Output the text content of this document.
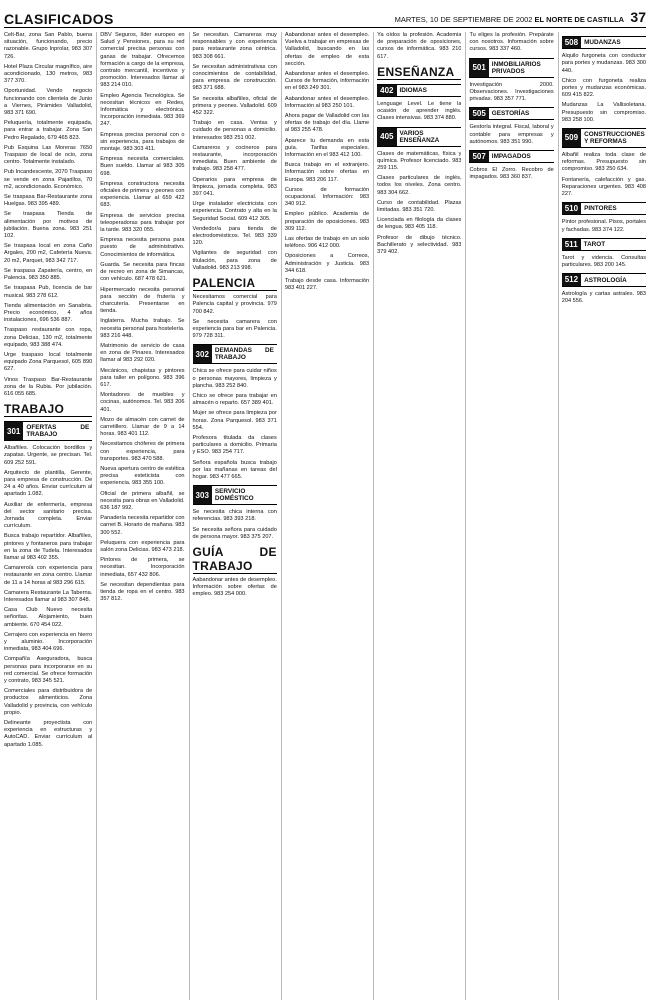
CLASIFICADOS	MARTES, 10 DE SEPTIEMBRE DE 2002 EL NORTE DE CASTILLA 37

Celt-Bar, zona San Pablo, buena situación, funcionando, precio razonable. Grupo Inprolar, 983 307 726.

Hotel Plaza Circular magnífico, aire acondicionado, 130 metros, 983 377 370.

Oportunidad. Vendo negocio funcionando con clientela de Junio a Viernes, Pirámides Valladolid, 983 371 690.

Peluquería, totalmente equipada, para entrar a trabajar. Zona San Pedro Regalado, 679 465 823.

Pub Esquina Las Moreras 7650 Traspaso de local de ocio, zona centro. Totalmente instalado.

Pub Incandescente, 2070 Traspaso se vende en zona Pajarillos, 70 m2, acondicionado. Económico.

Se traspasa Bar-Restaurante zona Huelgas. 983 395 489.

Se traspasa Tienda de alimentación por motivos de jubilación. Buena zona. 983 251 102.

Se traspasa local en zona Caño Argales, 200 m2, Cafetería Nueva. 20 m2, Parquet, 983 342 717.

Se traspasa Zapatería, centro, en Palencia. 983 350 885.

Se traspasa Pub, licencia de bar musical. 983 278 612.

Tienda alimentación en Sanabria. Precio económico, 4 años instalaciones, 696 536 887.

Traspaso restaurante con ropa, zona Delicias, 130 m2, totalmente equipado, 983 388 474.

Urge traspaso local totalmente equipado Zona Parquesol, 605 890 627.

Vinos Traspaso Bar-Restaurante zona de la Rubia. Por jubilación. 616 055 685.

TRABAJO
301 OFERTAS DE TRABAJO

Albañiles. Colocación bordillos y zapatas. Urgente, se precisan. Tel. 609 252 591.

Arquitecto de plantilla, Gerente, para empresa de construcción. De 24 a 40 años. Enviar currículum al apartado 1.082.

Auxiliar de enfermería, empresa del sector sanitario precisa. Jornada completa. Enviar currículum.

Busca trabajo repartidor. Albañiles, pintores y fontaneros para trabajar en la zona de Tudela. Interesados llamar al 983 402 355.

Camarero/a con experiencia para restaurante en zona centro. Llamar de 11 a 14 horas al 983 296 615.

Camarera Restaurante La Taberna. Interesados llamar al 983 307 848.

Casa Club Nuevo necesita señoritas. Alojamiento, buen ambiente. 670 454 022.

Cerrajero con experiencia en hierro y aluminio. Incorporación inmediata, 983 404 696.

Compañía Aseguradora, busca personas para incorporarse en su red comercial. Se ofrece formación y contrato, 983 345 521.

Comerciales para distribuidora de productos alimenticios. Zona Valladolid y provincia, con vehículo propio.

Delineante proyectista con experiencia en estructuras y AutoCAD. Enviar currículum al apartado 1.085.

DBV Seguros, líder europeo en Salud y Pensiones, para su red comercial precisa personas con ganas de trabajar. Ofrecemos formación a cargo de la empresa, contrato mercantil, incentivos y promoción. Interesados llamar al 983 214 010.

Empleo Agencia Tecnológica. Se necesitan técnicos en Redes, Informática y electrónica. Incorporación inmediata. 983 369 247.

Empresa precisa personal con o sin experiencia, para trabajos de montaje. 983 303 411.

Empresa necesita comerciales. Buen sueldo. Llamar al 983 305 698.

Empresa constructora necesita oficiales de primera y peones con experiencia. Llamar al 659 422 683.

Empresa de servicios precisa teleoperadoras para trabajar por la tarde. 983 320 055.

Empresa necesita persona para puesto de administrativo. Conocimientos de informática.

Guarda. Se necesita para fincas de recreo en zona de Simancas, con vehículo. 687 478 621.

Hipermercado necesita personal para sección de frutería y charcutería. Presentarse en tienda.

Inglaterra. Mucha trabajo. Se necesita personal para hostelería. 983 216 448.

Matrimonio de servicio de casa en zona de Pinares. Interesados llamar al 983 292 020.

Mecánicos, chapistas y pintores para taller en polígono. 983 396 617.

Montadores de muebles y cocinas, autónomos. Tel. 983 206 401.

Mozo de almacén con carnet de carretillero. Llamar de 9 a 14 horas. 983 401 112.

Necesitamos chóferes de primera con experiencia, para transportes. 983 470 588.

Nueva apertura centro de estética precisa esteticista con experiencia. 983 355 100.

Oficial de primera albañil, se necesita para obras en Valladolid. 636 187 992.

Panadería necesita repartidor con carnet B. Horario de mañana. 983 300 552.

Peluquera con experiencia para salón zona Delicias. 983 473 218.

Pintores de primera, se necesitan. Incorporación inmediata, 657 432 806.

Se necesitan dependientas para tienda de ropa en el centro. 983 357 812.

Se necesitan. Camareras muy responsables y con experiencia para restaurante zona céntrica. 983 308 661.

Se necesitan administrativas con conocimientos de contabilidad, para empresa de construcción. 983 371 688.

Se necesita albañiles, oficial de primera y peones. Valladolid. 609 452 322.

Trabajo en casa. Ventas y cuidado de personas a domicilio. Interesados 983 251 002.

Camareros y cocineros para restaurante, incorporación inmediata. Buen ambiente de trabajo. 983 258 477.

Operarios para empresa de limpieza, jornada completa. 983 397 041.

Urge instalador electricista con experiencia. Contrato y alta en la Seguridad Social. 609 412 305.

Vendedor/a para tienda de electrodomésticos. Tel. 983 339 120.

Vigilantes de seguridad con titulación, para zona de Valladolid. 983 213 998.

PALENCIA

Necesitamos comercial para Palencia capital y provincia. 979 700 842.

Se necesita camarera con experiencia para bar en Palencia. 979 728 311.

302 DEMANDAS DE TRABAJO

Chica se ofrece para cuidar niños o personas mayores, limpieza y plancha. 983 252 840.

Chico se ofrece para trabajar en almacén o reparto. 657 389 401.

Mujer se ofrece para limpieza por horas. Zona Parquesol. 983 371 554.

Profesora titulada da clases particulares a domicilio. Primaria y ESO. 983 254 717.

Señora española busca trabajo por las mañanas en tareas del hogar. 983 477 665.

303 SERVICIO DOMÉSTICO

Se necesita chica interna con referencias. 983 393 218.

Se necesita señora para cuidado de persona mayor. 983 375 207.

GUÍA DE TRABAJO

Aabandonar antes de desempleo. Información sobre ofertas de empleo. 983 254 000.

Aabandonar antes el desempleo. Vuelva a trabajar en empresas de Valladolid, buscando en las ofertas de empleo de esta sección.

Aabandonar antes el desempleo. Cursos de formación, información en el 983 249 301.

Aabandonar antes el desempleo. Información al 983 250 101.

Ahora pagar de Valladolid con las ofertas de trabajo del día. Llame al 983 255 478.

Aparece tu demanda en esta guía. Tarifas especiales. Información en el 983 412 100.

Busca trabajo en el extranjero. Información sobre ofertas en Europa. 983 206 117.

Cursos de formación ocupacional. Información: 983 340 912.

Empleo público. Academia de preparación de oposiciones. 983 309 112.

Las ofertas de trabajo en un solo teléfono. 906 412 000.

Oposiciones a Correos, Administración y Justicia. 983 344 618.

Trabajo desde casa. Información 983 401 227.

Ya oídos la profesión. Academia de preparación de oposiciones, cursos de informática. 983 210 617.

ENSEÑANZA
402 IDIOMAS

Lenguage Level. Le tiene la ocasión de aprender inglés. Clases intensivas. 983 374 880.

405 VARIOS ENSEÑANZA

Clases de matemáticas, física y química. Profesor licenciado. 983 259 115.

Clases particulares de inglés, todos los niveles. Zona centro. 983 304 662.

Curso de contabilidad. Plazas limitadas. 983 351 720.

Licenciada en filología da clases de lengua. 983 405 118.

Profesor de dibujo técnico. Bachillerato y selectividad. 983 379 402.

Tu eliges la profesión. Prepárate con nosotros. Información sobre cursos. 983 337 460.

501 INMOBILIARIOS PRIVADOS

Investigación 2000. Observaciones. Investigaciones privadas. 983 357 771.

505 GESTORÍAS

Gestoría integral. Fiscal, laboral y contable para empresas y autónomos. 983 351 990.

507 IMPAGADOS

Cobros El Zorro. Recobro de impagados. 983 360 837.

508 MUDANZAS

Alquilo furgoneta con conductor para portes y mudanzas. 983 300 440.

Chico con furgoneta realiza portes y mudanzas económicas. 609 415 822.

Mudanzas La Vallisoletana. Presupuesto sin compromiso. 983 258 100.

509 CONSTRUCCIONES Y REFORMAS

Albañil realiza toda clase de reformas. Presupuesto sin compromiso. 983 250 634.

Fontanería, calefacción y gas. Reparaciones urgentes. 983 408 227.

510 PINTORES

Pintor profesional. Pisos, portales y fachadas. 983 374 122.

511 TAROT

Tarot y videncia. Consultas particulares. 983 200 145.

512 ASTROLOGÍA

Astrología y cartas astrales. 983 204 556.
